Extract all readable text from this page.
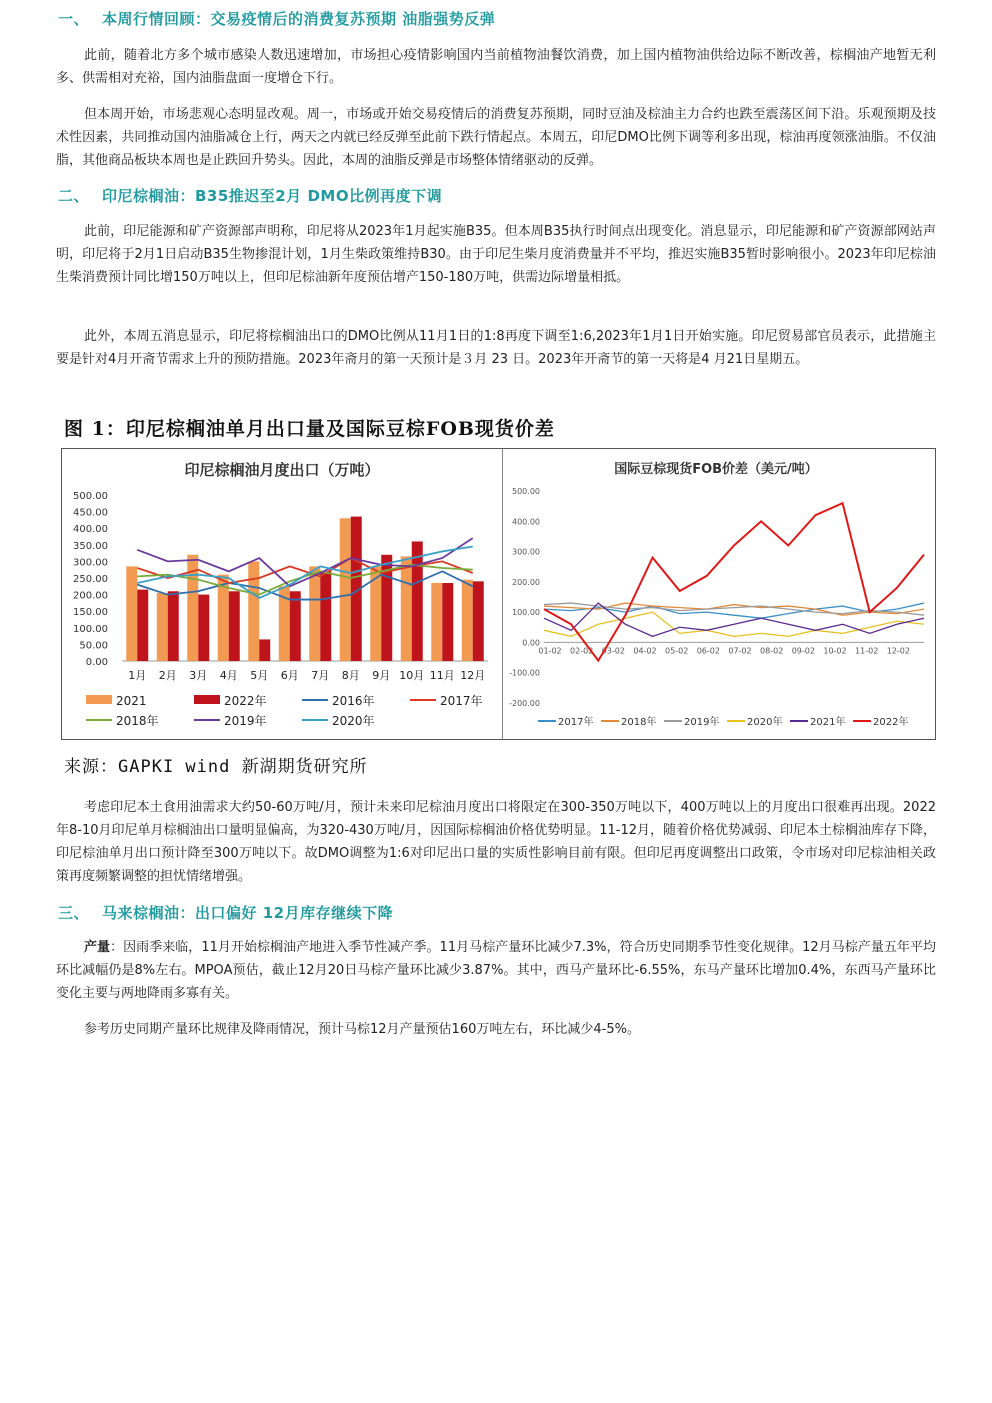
一、 本周行情回顾：交易疫情后的消费复苏预期 油脂强势反弹
此前，随着北方多个城市感染人数迅速增加，市场担心疫情影响国内当前植物油餐饮消费，加上国内植物油供给边际不断改善，棕榈油产地暂无利多、供需相对充裕，国内油脂盘面一度增仓下行。
但本周开始，市场悲观心态明显改观。周一，市场或开始交易疫情后的消费复苏预期，同时豆油及棕油主力合约也跌至震荡区间下沿。乐观预期及技术性因素，共同推动国内油脂减仓上行，两天之内就已经反弹至此前下跌行情起点。本周五，印尼DMO比例下调等利多出现，棕油再度领涨油脂。不仅油脂，其他商品板块本周也是止跌回升势头。因此，本周的油脂反弹是市场整体情绪驱动的反弹。
二、 印尼棕榈油：B35推迟至2月 DMO比例再度下调
此前，印尼能源和矿产资源部声明称，印尼将从2023年1月起实施B35。但本周B35执行时间点出现变化。消息显示，印尼能源和矿产资源部网站声明，印尼将于2月1日启动B35生物掺混计划，1月生柴政策维持B30。由于印尼生柴月度消费量并不平均，推迟实施B35暂时影响很小。2023年印尼棕油生柴消费预计同比增150万吨以上，但印尼棕油新年度预估增产150-180万吨，供需边际增量相抵。
此外，本周五消息显示，印尼将棕榈油出口的DMO比例从11月1日的1:8再度下调至1:6,2023年1月1日开始实施。印尼贸易部官员表示，此措施主要是针对4月开斋节需求上升的预防措施。2023年斋月的第一天预计是３月 23 日。2023年开斋节的第一天将是4 月21日星期五。
图 1：印尼棕榈油单月出口量及国际豆棕FOB现货价差
印尼棕榈油月度出口（万吨）
0.00
50.00
100.00
150.00
200.00
250.00
300.00
350.00
400.00
450.00
500.00
1月 2月 3月 4月 5月 6月 7月 8月 9月 10月 11月 12月
2021	2022年	2016年	2017年
2018年	2019年	2020年
国际豆棕现货FOB价差（美元/吨）
-200.00
-100.00
0.00
100.00
200.00
300.00
400.00
500.00
01-02 02-02 03-02 04-02 05-02 06-02 07-02 08-02 09-02 10-02 11-02 12-02
2017年	2018年	2019年	2020年	2021年	2022年
来源：GAPKI wind 新湖期货研究所
考虑印尼本土食用油需求大约50-60万吨/月，预计未来印尼棕油月度出口将限定在300-350万吨以下，400万吨以上的月度出口很难再出现。2022年8-10月印尼单月棕榈油出口量明显偏高，为320-430万吨/月，因国际棕榈油价格优势明显。11-12月，随着价格优势减弱、印尼本土棕榈油库存下降，印尼棕油单月出口预计降至300万吨以下。故DMO调整为1:6对印尼出口量的实质性影响目前有限。但印尼再度调整出口政策，令市场对印尼棕油相关政策再度频繁调整的担忧情绪增强。
三、 马来棕榈油：出口偏好 12月库存继续下降
产量：因雨季来临，11月开始棕榈油产地进入季节性减产季。11月马棕产量环比减少7.3%，符合历史同期季节性变化规律。12月马棕产量五年平均环比减幅仍是8%左右。MPOA预估，截止12月20日马棕产量环比减少3.87%。其中，西马产量环比-6.55%，东马产量环比增加0.4%，东西马产量环比变化主要与两地降雨多寡有关。
参考历史同期产量环比规律及降雨情况，预计马棕12月产量预估160万吨左右，环比减少4-5%。
